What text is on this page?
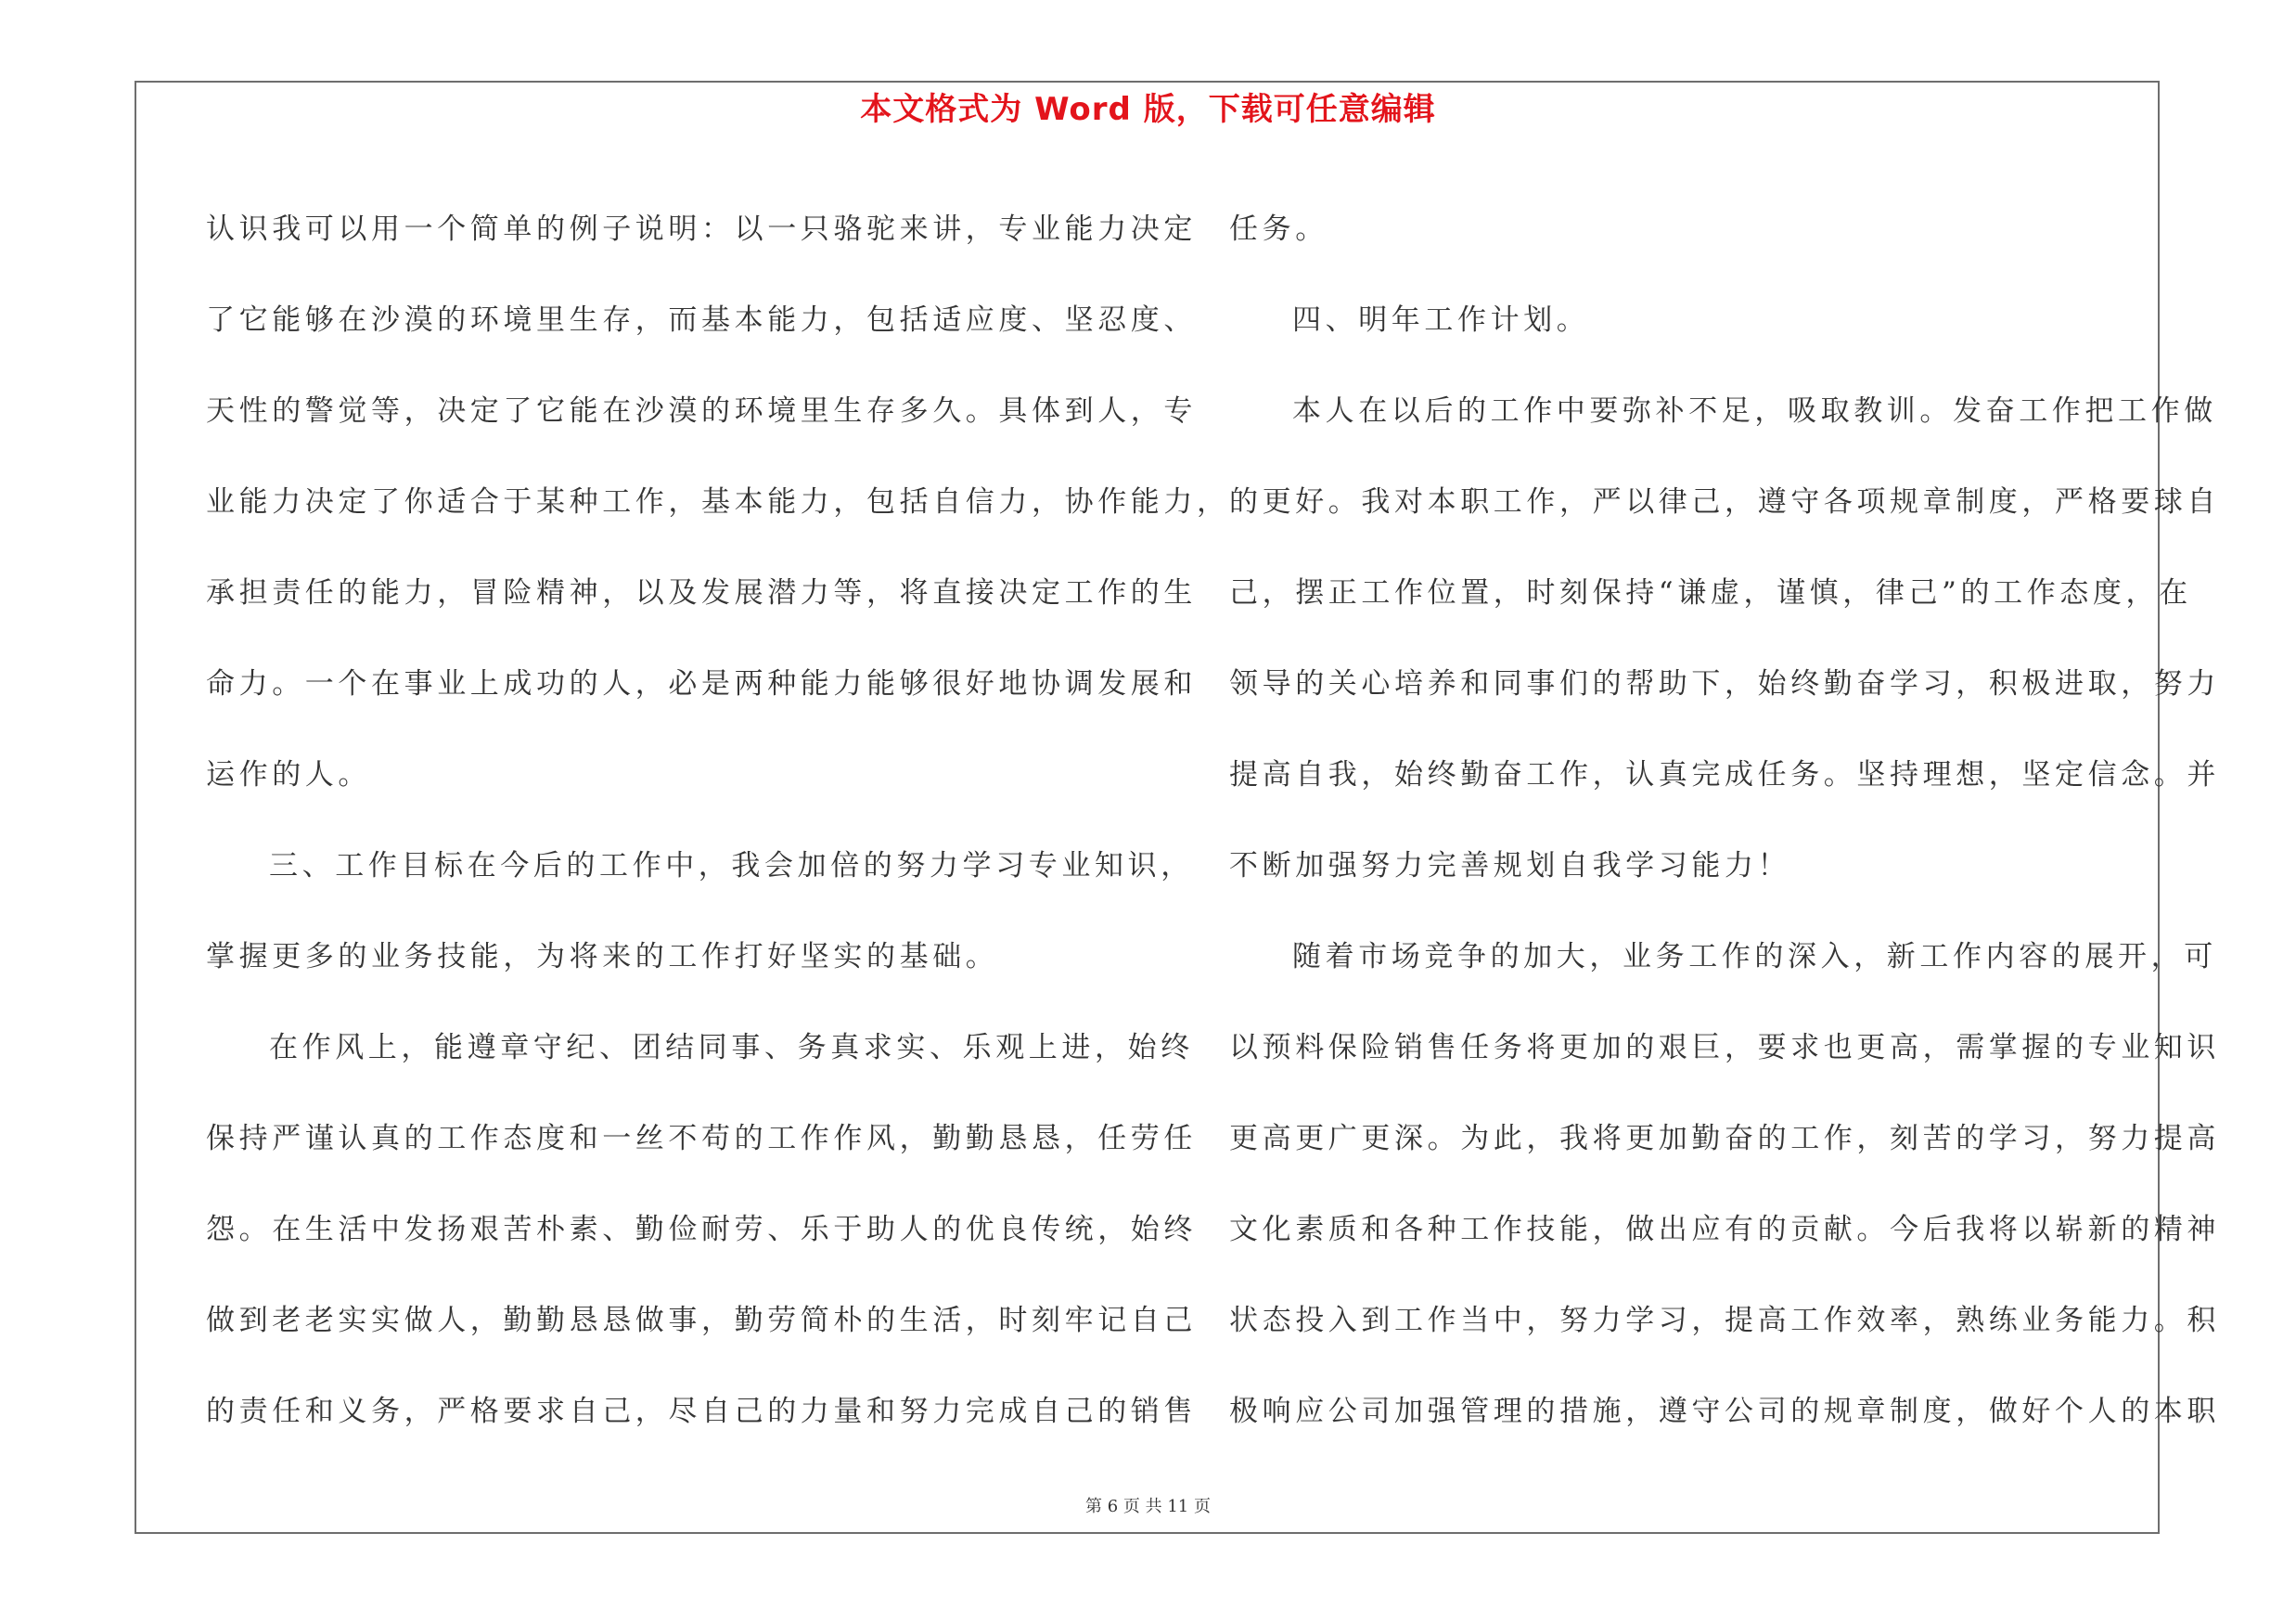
本文格式为 Word 版，下载可任意编辑
认识我可以用一个简单的例子说明：以一只骆驼来讲，专业能力决定
了它能够在沙漠的环境里生存，而基本能力，包括适应度、坚忍度、
天性的警觉等，决定了它能在沙漠的环境里生存多久。具体到人，专
业能力决定了你适合于某种工作，基本能力，包括自信力，协作能力，
承担责任的能力，冒险精神，以及发展潜力等，将直接决定工作的生
命力。一个在事业上成功的人，必是两种能力能够很好地协调发展和
运作的人。
三、工作目标在今后的工作中，我会加倍的努力学习专业知识，
掌握更多的业务技能，为将来的工作打好坚实的基础。
在作风上，能遵章守纪、团结同事、务真求实、乐观上进，始终
保持严谨认真的工作态度和一丝不苟的工作作风，勤勤恳恳，任劳任
怨。在生活中发扬艰苦朴素、勤俭耐劳、乐于助人的优良传统，始终
做到老老实实做人，勤勤恳恳做事，勤劳简朴的生活，时刻牢记自己
的责任和义务，严格要求自己，尽自己的力量和努力完成自己的销售
任务。
四、明年工作计划。
本人在以后的工作中要弥补不足，吸取教训。发奋工作把工作做
的更好。我对本职工作，严以律己，遵守各项规章制度，严格要球自
己，摆正工作位置，时刻保持“谦虚，谨慎，律己”的工作态度，在
领导的关心培养和同事们的帮助下，始终勤奋学习，积极进取，努力
提高自我，始终勤奋工作，认真完成任务。坚持理想，坚定信念。并
不断加强努力完善规划自我学习能力！
随着市场竞争的加大，业务工作的深入，新工作内容的展开，可
以预料保险销售任务将更加的艰巨，要求也更高，需掌握的专业知识
更高更广更深。为此，我将更加勤奋的工作，刻苦的学习，努力提高
文化素质和各种工作技能，做出应有的贡献。今后我将以崭新的精神
状态投入到工作当中，努力学习，提高工作效率，熟练业务能力。积
极响应公司加强管理的措施，遵守公司的规章制度，做好个人的本职
第 6 页 共 11 页
